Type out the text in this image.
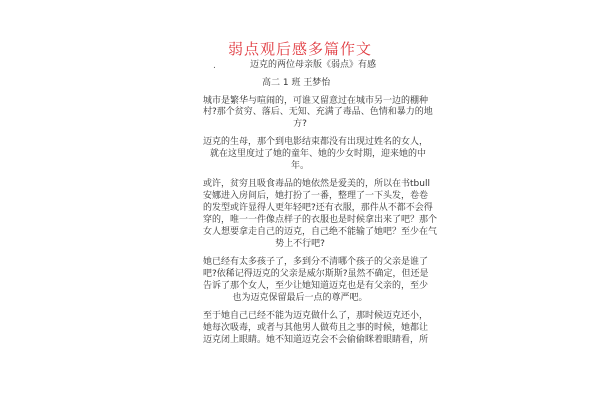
弱点观后感多篇作文
.	迈克的两位母亲版《弱点》有感
高二 1 班 王梦怡
城市是繁华与喧闹的，可谁又留意过在城市另一边的棚种
村?那个贫穷、落后、无知、充满了毒品、色情和暴力的地
方?
迈克的生母，那个到电影结束都没有出现过姓名的女人，
就在这里度过了她的童年、她的少女时期，迎来她的中
年。
或许，贫穷且吸食毒品的她依然是爱美的，所以在书tbull
安娜进入房间后，她打扮了一番，整理了一下头发，卷卷
的发型或许显得人更年轻吧?还有衣服，那件从不都不会得
穿的，唯一一件像点样子的衣服也是时候拿出来了吧？那个
女人想要拿走自己的迈克，自己绝不能输了她吧？至少在气
势上不行吧?
她已经有太多孩子了，多到分不清哪个孩子的父亲是谁了
吧?依稀记得迈克的父亲是威尔斯斯?虽然不确定，但还是
告诉了那个女人，至少让她知道迈克也是有父亲的，至少
也为迈克保留最后一点的尊严吧。
至于她自己已经不能为迈克做什么了，那时候迈克还小，
她每次吸毒，或者与其他男人做苟且之事的时候，她都让
迈克闭上眼睛。她不知道迈克会不会偷偷眯着眼睛看，所
